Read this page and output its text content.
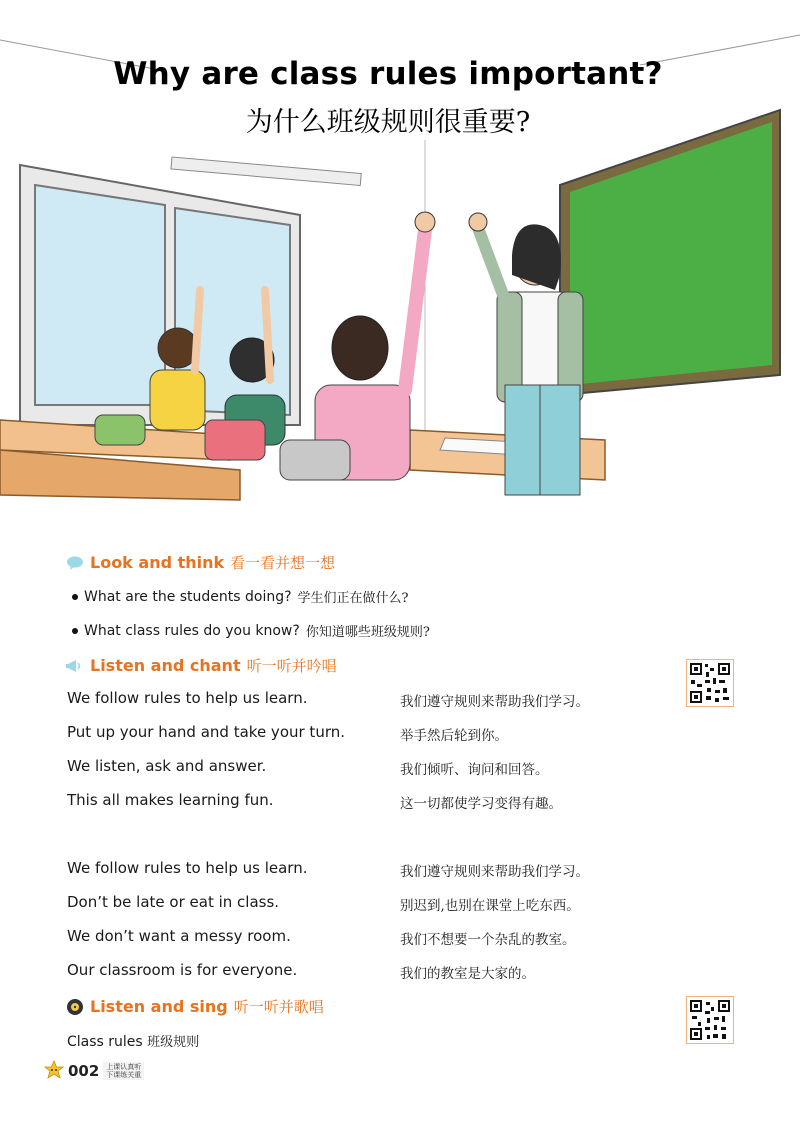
Why are class rules important?
为什么班级规则很重要?
Look and think 看一看并想一想
What are the students doing? 学生们正在做什么?
What class rules do you know? 你知道哪些班级规则?
Listen and chant 听一听并吟唱
We follow rules to help us learn.	我们遵守规则来帮助我们学习。
Put up your hand and take your turn.	举手然后轮到你。
We listen, ask and answer.	我们倾听、询问和回答。
This all makes learning fun.	这一切都使学习变得有趣。
We follow rules to help us learn.	我们遵守规则来帮助我们学习。
Don’t be late or eat in class.	别迟到,也别在课堂上吃东西。
We don’t want a messy room.	我们不想要一个杂乱的教室。
Our classroom is for everyone.	我们的教室是大家的。
Listen and sing 听一听并歌唱
Class rules 班级规则
002	上课认真听
下课练关重
